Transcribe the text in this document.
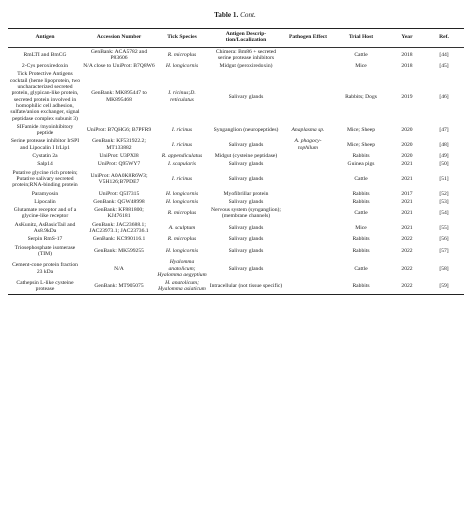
Table 1. Cont.
Antigen	Accession Number	Tick Species	Antigen Descrip-tion/Localization	Pathogen Effect	Trial Host	Year	Ref.
RmLTI and BmCG	GenBank: ACA5782 and P83606	R. microplus	Chimera: Bm86 + secreted serine protease inhibitors		Cattle	2018	[44]
2-Cys peroxiredoxin	N/A close to UniProt: B7Q8W6	H. longicornis	Midgut (peroxiredoxin)		Mice	2018	[45]
Tick Protective Antigens cocktail (heme lipoprotein, two uncharacterized secreted protein, glypican-like protein, secreted protein involved in homophilic cell adhesion, sulfate/anion exchanger, signal peptidase complex subunit 3)	GenBank: MK895447 to MK895468	I. ricinus;D. reticulatus	Salivary glands		Rabbits; Dogs	2019	[46]
SIFamide /myoinhibitory peptide	UniProt: B7QHG6; B7PFR9	I. ricinus	Synganglion (neuropeptides)	Anaplasma sp.	Mice; Sheep	2020	[47]
Serine protease inhibitor IrSPI and Lipocalin I IrLip1	GenBank: KF531922.2; MT133882	I. ricinus	Salivary glands	A. phagocy-tophilum	Mice; Sheep	2020	[48]
Cystatin 2a	UniProt: U3PXI8	R. appendiculatus	Midgut (cysteine peptidase)		Rabbits	2020	[49]
Salp14	UniProt: Q95WY7	I. scapularis	Salivary glands		Guinea pigs	2021	[50]
Putative glycine rich protein; Putative salivary secreted protein;RNA-binding protein	UniProt: A0A0K8R6W3; V5H126;B7PDE7	I. ricinus	Salivary glands		Cattle	2021	[51]
Paramyosin	UniProt: Q5I7315	H. longicornis	Myofibrillar protein		Rabbits	2017	[52]
Lipocalin	GenBank: QGW48998	H. longicornis	Salivary glands		Rabbits	2021	[53]
Glutamate receptor and of a glycine-like receptor	GenBank: KF881800; KJ476181	R. microplus	Nervous system (synganglion); (membrane channels)		Cattle	2021	[54]
AsKunitz, AsBasicTail and As8.9kDa	GenBank: JAC23688.1; JAC23973.1; JAC23736.1	A. sculptum	Salivary glands		Mice	2021	[55]
Serpin RmS-17	GenBank: KC990116.1	R. microplus	Salivary glands		Rabbits	2022	[56]
Triosephosphate isomerase (TIM)	GenBank: MK599255	H. longicornis	Salivary glands		Rabbits	2022	[57]
Cement-cone protein fraction 23 kDa	N/A	Hyalomma anatolicum; Hyalomma aegyptium	Salivary glands		Cattle	2022	[58]
Cathepsin L-like cysteine protease	GenBank: MT905075	H. anatolicum; Hyalomma asiaticum	Intracellular (not tissue specific)		Rabbits	2022	[59]
